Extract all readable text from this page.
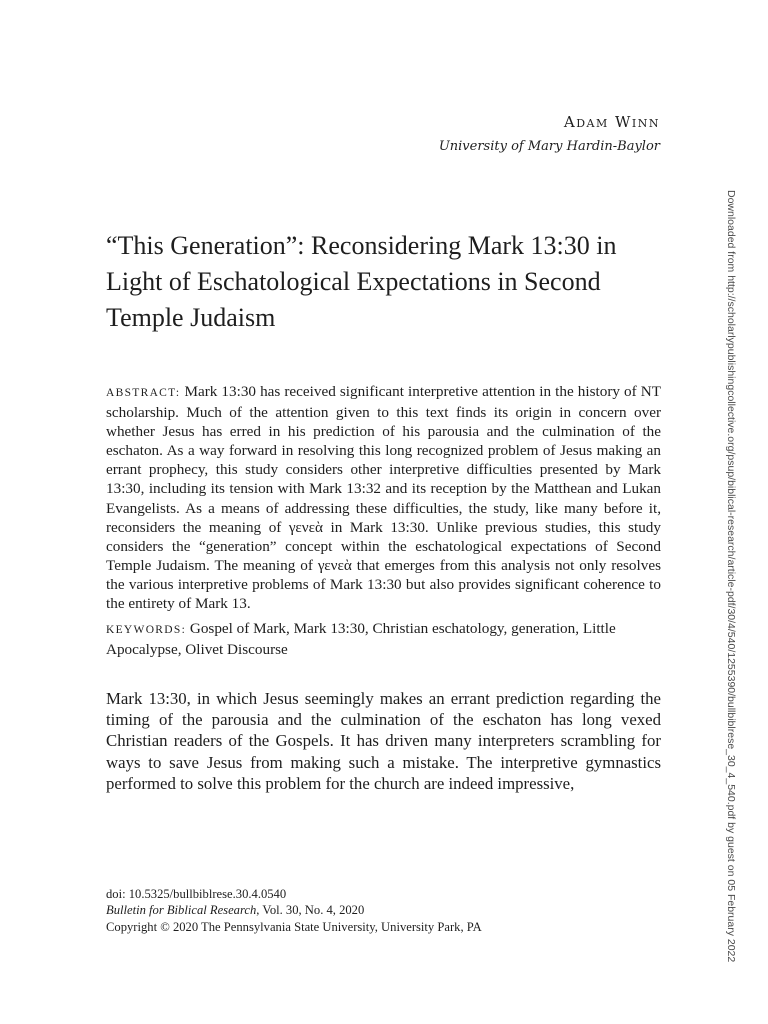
Adam Winn

University of Mary Hardin-Baylor

Downloaded from http://scholarlypublishingcollective.org/psup/biblical-research/article-pdf/30/4/540/1255390/bullbiblrese_30_4_540.pdf by guest on 05 February 2022
“This Generation”: Reconsidering Mark 13:30 in Light of Eschatological Expectations in Second Temple Judaism

ABSTRACT: Mark 13:30 has received significant interpretive attention in the history of NT scholarship. Much of the attention given to this text finds its origin in concern over whether Jesus has erred in his prediction of his parousia and the culmination of the eschaton. As a way forward in resolving this long recognized problem of Jesus making an errant prophecy, this study considers other interpretive difficulties presented by Mark 13:30, including its tension with Mark 13:32 and its reception by the Matthean and Lukan Evangelists. As a means of addressing these difficulties, the study, like many before it, reconsiders the meaning of γενεὰ in Mark 13:30. Unlike previous studies, this study considers the “generation” concept within the eschatological expectations of Second Temple Judaism. The meaning of γενεὰ that emerges from this analysis not only resolves the various interpretive problems of Mark 13:30 but also provides significant coherence to the entirety of Mark 13.

KEYWORDS: Gospel of Mark, Mark 13:30, Christian eschatology, generation, Little Apocalypse, Olivet Discourse

Mark 13:30, in which Jesus seemingly makes an errant prediction regarding the timing of the parousia and the culmination of the eschaton has long vexed Christian readers of the Gospels. It has driven many interpreters scrambling for ways to save Jesus from making such a mistake. The interpretive gymnastics performed to solve this problem for the church are indeed impressive,

doi: 10.5325/bullbiblrese.30.4.0540
Bulletin for Biblical Research, Vol. 30, No. 4, 2020
Copyright © 2020 The Pennsylvania State University, University Park, PA
